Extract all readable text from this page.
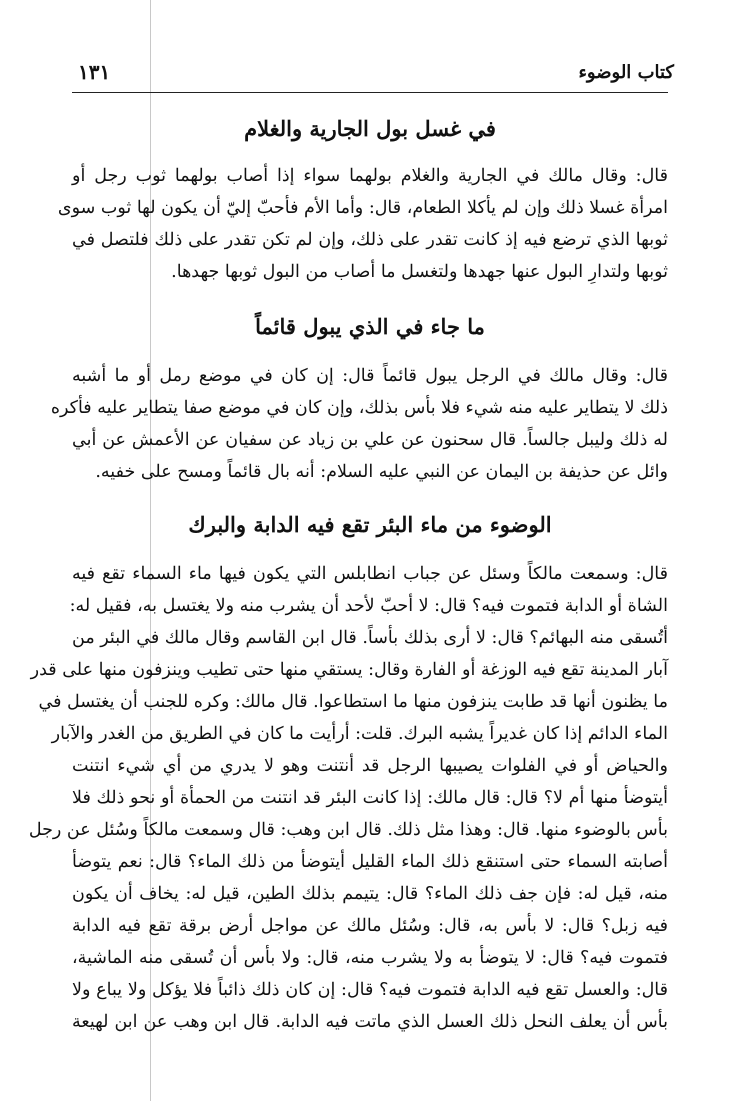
كتاب الوضوء
١٣١
في غسل بول الجارية والغلام
قال: وقال مالك في الجارية والغلام بولهما سواء إذا أصاب بولهما ثوب رجل أو
امرأة غسلا ذلك وإن لم يأكلا الطعام، قال: وأما الأم فأحبّ إليّ أن يكون لها ثوب سوى
ثوبها الذي ترضع فيه إذ كانت تقدر على ذلك، وإن لم تكن تقدر على ذلك فلتصل في
ثوبها ولتدارِ البول عنها جهدها ولتغسل ما أصاب من البول ثوبها جهدها.
ما جاء في الذي يبول قائماً
قال: وقال مالك في الرجل يبول قائماً قال: إن كان في موضع رمل أو ما أشبه
ذلك لا يتطاير عليه منه شيء فلا بأس بذلك، وإن كان في موضع صفا يتطاير عليه فأكره
له ذلك وليبل جالساً. قال سحنون عن علي بن زياد عن سفيان عن الأعمش عن أبي
وائل عن حذيفة بن اليمان عن النبي عليه السلام: أنه بال قائماً ومسح على خفيه.
الوضوء من ماء البئر تقع فيه الدابة والبرك
قال: وسمعت مالكاً وسئل عن جباب انطابلس التي يكون فيها ماء السماء تقع فيه
الشاة أو الدابة فتموت فيه؟ قال: لا أحبّ لأحد أن يشرب منه ولا يغتسل به، فقيل له:
أتُسقى منه البهائم؟ قال: لا أرى بذلك بأساً. قال ابن القاسم وقال مالك في البئر من
آبار المدينة تقع فيه الوزغة أو الفارة وقال: يستقي منها حتى تطيب وينزفون منها على قدر
ما يظنون أنها قد طابت ينزفون منها ما استطاعوا. قال مالك: وكره للجنب أن يغتسل في
الماء الدائم إذا كان غديراً يشبه البرك. قلت: أرأيت ما كان في الطريق من الغدر والآبار
والحياض أو في الفلوات يصيبها الرجل قد أنتنت وهو لا يدري من أي شيء انتنت
أيتوضأ منها أم لا؟ قال: قال مالك: إذا كانت البئر قد انتنت من الحمأة أو نحو ذلك فلا
بأس بالوضوء منها. قال: وهذا مثل ذلك. قال ابن وهب: قال وسمعت مالكاً وسُئل عن رجل
أصابته السماء حتى استنقع ذلك الماء القليل أيتوضأ من ذلك الماء؟ قال: نعم يتوضأ
منه، قيل له: فإن جف ذلك الماء؟ قال: يتيمم بذلك الطين، قيل له: يخاف أن يكون
فيه زبل؟ قال: لا بأس به، قال: وسُئل مالك عن مواجل أرض برقة تقع فيه الدابة
فتموت فيه؟ قال: لا يتوضأ به ولا يشرب منه، قال: ولا بأس أن تُسقى منه الماشية،
قال: والعسل تقع فيه الدابة فتموت فيه؟ قال: إن كان ذلك ذائباً فلا يؤكل ولا يباع ولا
بأس أن يعلف النحل ذلك العسل الذي ماتت فيه الدابة. قال ابن وهب عن ابن لهيعة
